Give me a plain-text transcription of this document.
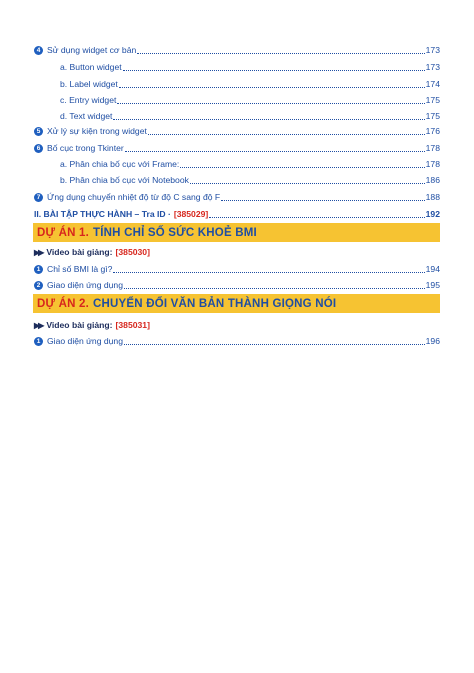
4 Sử dụng widget cơ bản	173
a. Button widget	173
b. Label widget	174
c. Entry widget	175
d. Text widget	175
5 Xử lý sự kiện trong widget	176
6 Bố cục trong Tkinter	178
a. Phân chia bố cục với Frame:	178
b. Phân chia bố cục với Notebook	186
7 Ứng dụng chuyển nhiệt độ từ độ C sang độ F	188
II. BÀI TẬP THỰC HÀNH – Tra ID · [385029]	192
DỰ ÁN 1. TÍNH CHỈ SỐ SỨC KHOẺ BMI
▶▶ Video bài giảng: [385030]
1 Chỉ số BMI là gì?	194
2 Giao diện ứng dụng	195
DỰ ÁN 2. CHUYỂN ĐỔI VĂN BẢN THÀNH GIỌNG NÓI
▶▶ Video bài giảng: [385031]
1 Giao diện ứng dụng	196
